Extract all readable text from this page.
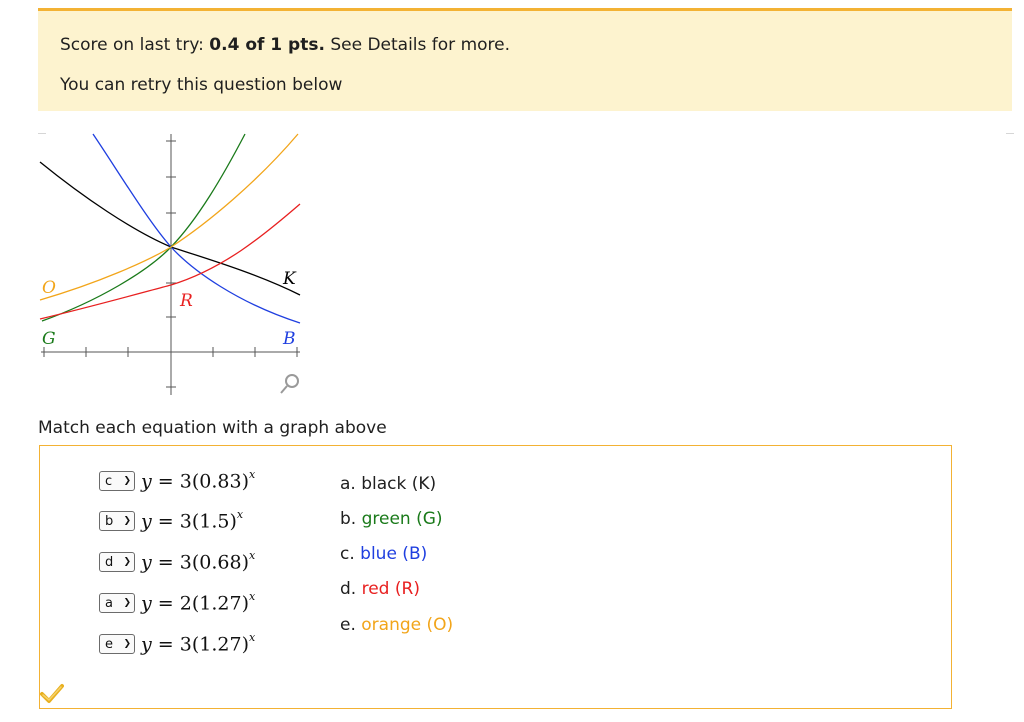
Score on last try: 0.4 of 1 pts. See Details for more.
You can retry this question below
O
G
R
K
B
Match each equation with a graph above
c ❯ $y = 3(0.83)^x$
b ❯ $y = 3(1.5)^x$
d ❯ $y = 3(0.68)^x$
a ❯ $y = 2(1.27)^x$
e ❯ $y = 3(1.27)^x$
a. black (K)
b. green (G)
c. blue (B)
d. red (R)
e. orange (O)
